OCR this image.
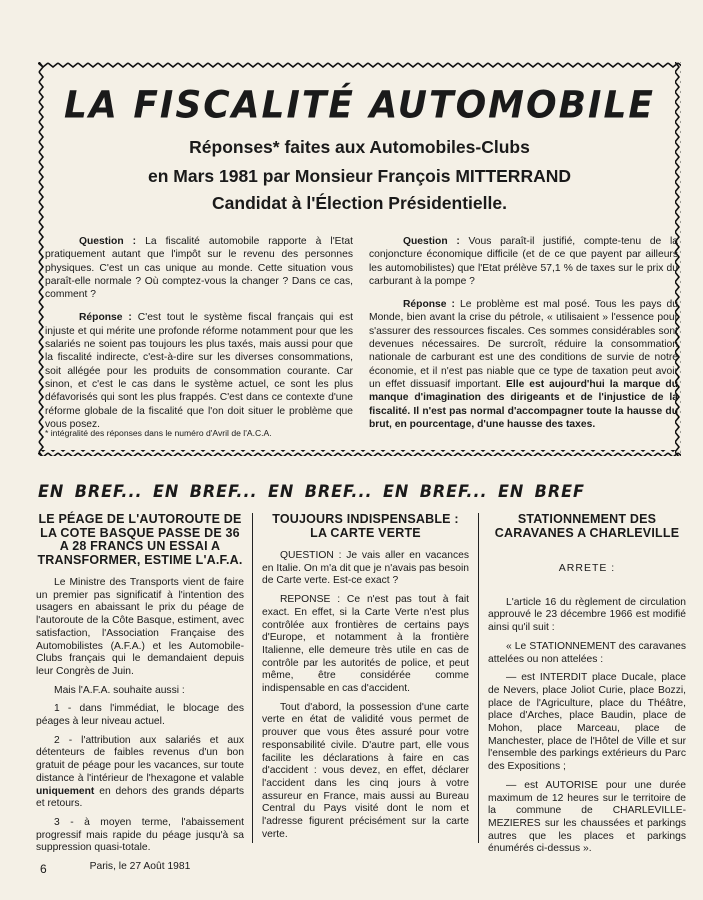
LA FISCALITÉ AUTOMOBILE
Réponses* faites aux Automobiles-Clubs
en Mars 1981 par Monsieur François MITTERRAND
Candidat à l'Élection Présidentielle.

Question : La fiscalité automobile rapporte à l'Etat pratiquement autant que l'impôt sur le revenu des personnes physiques. C'est un cas unique au monde. Cette situation vous paraît-elle normale ? Où comptez-vous la changer ? Dans ce cas, comment ?

Réponse : C'est tout le système fiscal français qui est injuste et qui mérite une profonde réforme notamment pour que les salariés ne soient pas toujours les plus taxés, mais aussi pour que la fiscalité indirecte, c'est-à-dire sur les diverses consommations, soit allégée pour les produits de consommation courante. Car sinon, et c'est le cas dans le système actuel, ce sont les plus défavorisés qui sont les plus frappés. C'est dans ce contexte d'une réforme globale de la fiscalité que l'on doit situer le problème que vous posez.

Question : Vous paraît-il justifié, compte-tenu de la conjoncture économique difficile (et de ce que payent par ailleurs les automobilistes) que l'Etat prélève 57,1 % de taxes sur le prix du carburant à la pompe ?

Réponse : Le problème est mal posé. Tous les pays du Monde, bien avant la crise du pétrole, « utilisaient » l'essence pour s'assurer des ressources fiscales. Ces sommes considérables sont devenues nécessaires. De surcroît, réduire la consommation nationale de carburant est une des conditions de survie de notre économie, et il n'est pas niable que ce type de taxation peut avoir un effet dissuasif important. Elle est aujourd'hui la marque du manque d'imagination des dirigeants et de l'injustice de la fiscalité. Il n'est pas normal d'accompagner toute la hausse du brut, en pourcentage, d'une hausse des taxes.

* intégralité des réponses dans le numéro d'Avril de l'A.C.A.
EN BREF... EN BREF... EN BREF... EN BREF... EN BREF
LE PÉAGE DE L'AUTOROUTE DE LA COTE BASQUE PASSE DE 36 A 28 FRANCS UN ESSAI A TRANSFORMER, ESTIME L'A.F.A.

Le Ministre des Transports vient de faire un premier pas significatif à l'intention des usagers en abaissant le prix du péage de l'autoroute de la Côte Basque, estiment, avec satisfaction, l'Association Française des Automobilistes (A.F.A.) et les Automobile-Clubs français qui le demandaient depuis leur Congrès de Juin.

Mais l'A.F.A. souhaite aussi :

1 - dans l'immédiat, le blocage des péages à leur niveau actuel.

2 - l'attribution aux salariés et aux détenteurs de faibles revenus d'un bon gratuit de péage pour les vacances, sur toute distance à l'intérieur de l'hexagone et valable uniquement en dehors des grands départs et retours.

3 - à moyen terme, l'abaissement progressif mais rapide du péage jusqu'à sa suppression quasi-totale.

Paris, le 27 Août 1981

TOUJOURS INDISPENSABLE : LA CARTE VERTE

QUESTION : Je vais aller en vacances en Italie. On m'a dit que je n'avais pas besoin de Carte verte. Est-ce exact ?

REPONSE : Ce n'est pas tout à fait exact. En effet, si la Carte Verte n'est plus contrôlée aux frontières de certains pays d'Europe, et notamment à la frontière Italienne, elle demeure très utile en cas de contrôle par les autorités de police, et peut même, être considérée comme indispensable en cas d'accident.

Tout d'abord, la possession d'une carte verte en état de validité vous permet de prouver que vous êtes assuré pour votre responsabilité civile. D'autre part, elle vous facilite les déclarations à faire en cas d'accident : vous devez, en effet, déclarer l'accident dans les cinq jours à votre assureur en France, mais aussi au Bureau Central du Pays visité dont le nom et l'adresse figurent précisément sur la carte verte.

STATIONNEMENT DES CARAVANES A CHARLEVILLE
ARRETE :

L'article 16 du règlement de circulation approuvé le 23 décembre 1966 est modifié ainsi qu'il suit :

« Le STATIONNEMENT des caravanes attelées ou non attelées :

— est INTERDIT place Ducale, place de Nevers, place Joliot Curie, place Bozzi, place de l'Agriculture, place du Théâtre, place d'Arches, place Baudin, place de Mohon, place Marceau, place de Manchester, place de l'Hôtel de Ville et sur l'ensemble des parkings extérieurs du Parc des Expositions ;

— est AUTORISE pour une durée maximum de 12 heures sur le territoire de la commune de CHARLEVILLE-MEZIERES sur les chaussées et parkings autres que les places et parkings énumérés ci-dessus ».

6
